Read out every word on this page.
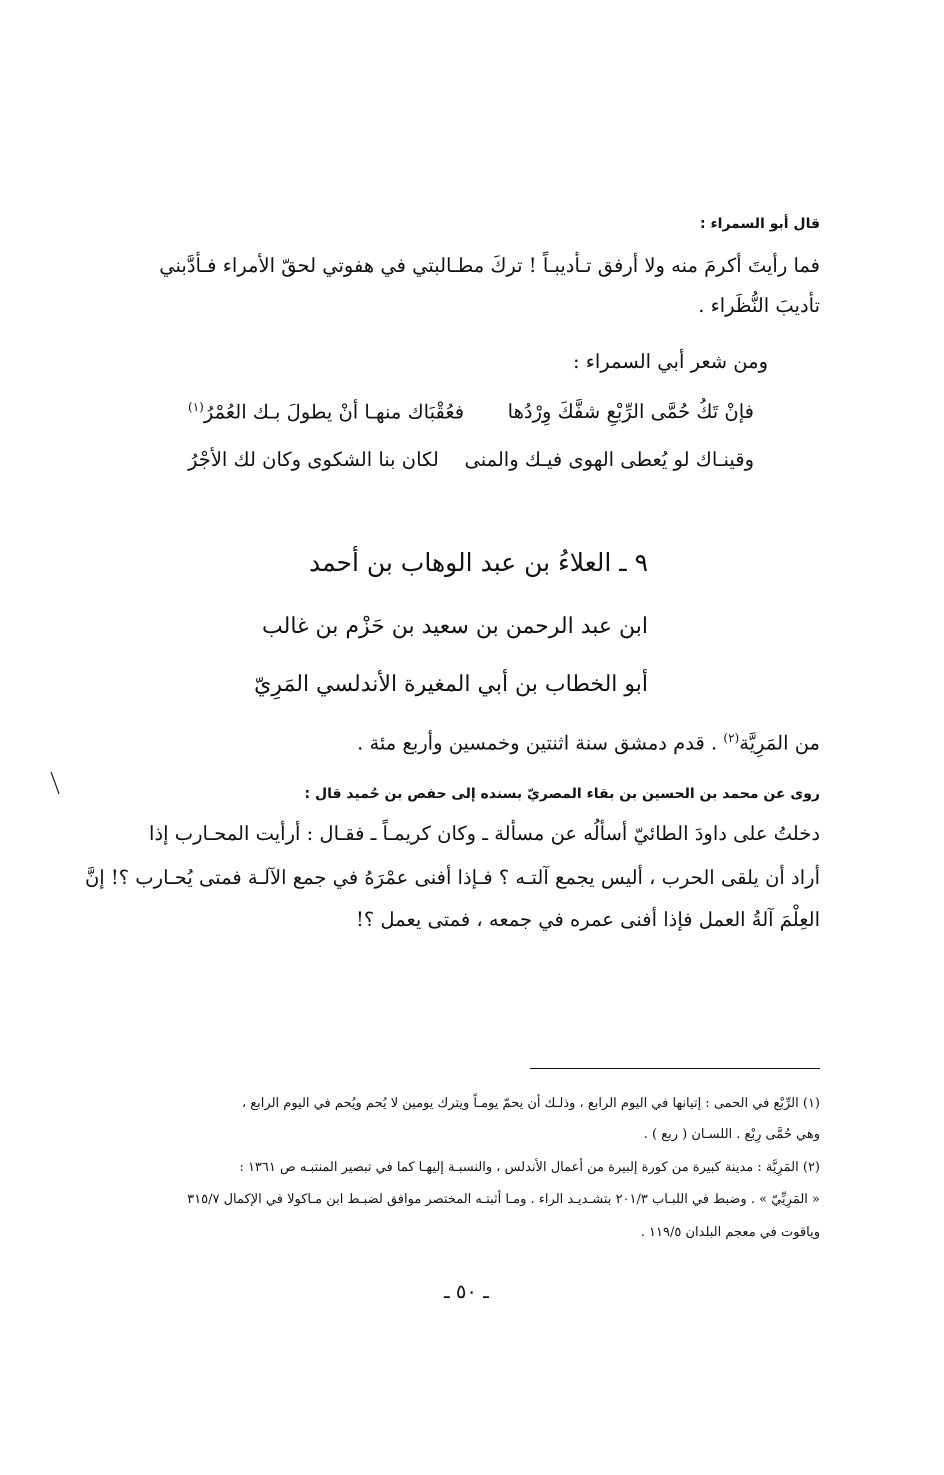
قال أبو السمراء :
فما رأيتَ أكرمَ منه ولا أرفق تـأديبـاً ! تركَ مطـالبتي في هفوتي لحقّ الأمراء فـأدَّبني
تأديبَ النُّظَراء .
ومن شعر أبي السمراء :
فإنْ تَكُ حُمَّى الرِّبْعِ شفَّكَ وِرْدُها
فعُقْبَاك منهـا أنْ يطولَ بـك العُمْرُ$^{(١)}$
وقينـاك لو يُعطى الهوى فيـك والمنى
لكان بنا الشكوى وكان لك الأجْرُ
٩ ـ العلاءُ بن عبد الوهاب بن أحمد
ابن عبد الرحمن بن سعيد بن حَزْم بن غالب
أبو الخطاب بن أبي المغيرة الأندلسي المَرِيّ
من المَرِيَّة$^{(٢)}$ . قدم دمشق سنة اثنتين وخمسين وأربع مئة .
روى عن محمد بن الحسين بن بقاء المصريّ بسنده إلى حفص بن حُميد قال :
دخلتُ على داودَ الطائيّ أسألُه عن مسألة ـ وكان كريمـاً ـ فقـال : أرأيت المحـارب إذا
أراد أن يلقى الحرب ، أليس يجمع آلتـه ؟ فـإذا أفنى عمْرَهُ في جمع الآلـة فمتى يُحـارب ؟! إنَّ
العِلْمَ آلةُ العمل فإذا أفنى عمره في جمعه ، فمتى يعمل ؟!
(١) الرِّبْع في الحمى : إتيانها في اليوم الرابع ، وذلـك أن يحمّ يومـاً ويترك يومين لا يُحم ويُحم في اليوم الرابع ،
وهي حُمَّى رِبْع . اللسـان ( ربع ) .
(٢) المَرِيَّة : مدينة كبيرة من كورة إلبيرة من أعمال الأندلس ، والنسبـة إليهـا كما في تبصير المنتبـه ص ١٣٦١ :
« المَرِيِّيّ » . وضبط في اللبـاب ٢٠١/٣ بتشـديـد الراء . ومـا أثبتـه المختصر موافق لضبـط ابن مـاكولا في الإكمال ٣١٥/٧
وياقوت في معجم البلدان ١١٩/٥ .
ـ ٥٠ ـ
